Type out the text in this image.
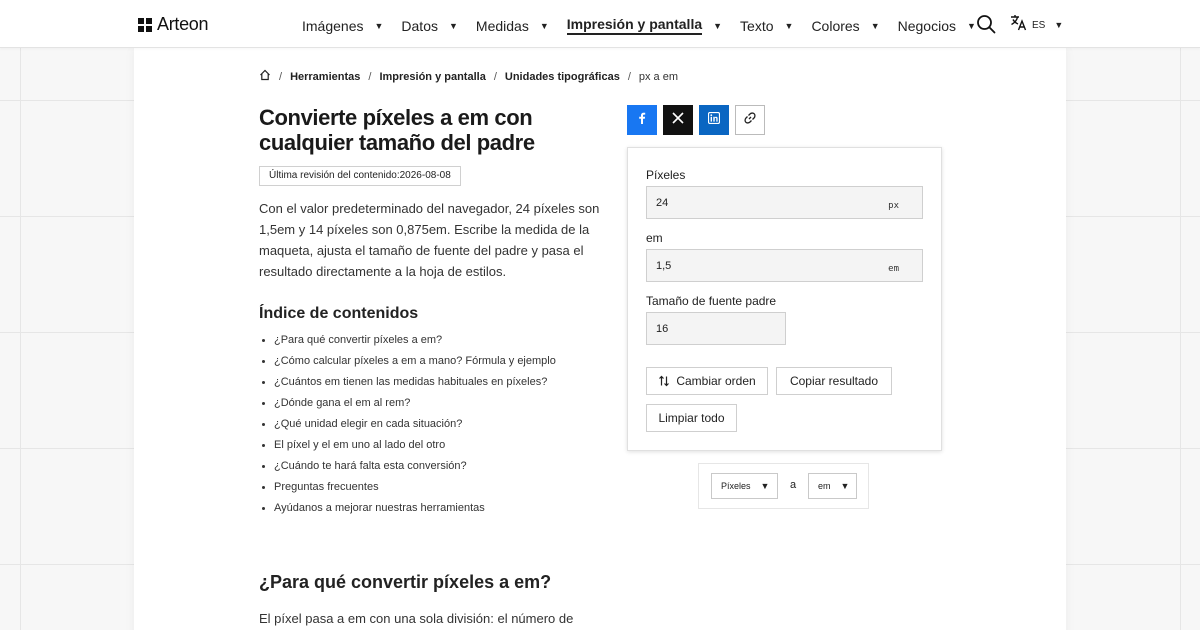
Arteon	Imágenes ▼ Datos ▼ Medidas ▼ Impresión y pantalla ▼ Texto ▼ Colores ▼ Negocios ▼	ES ▼
/ Herramientas / Impresión y pantalla / Unidades tipográficas / px a em
Convierte píxeles a em con cualquier tamaño del padre
Última revisión del contenido:2026-08-08

Con el valor predeterminado del navegador, 24 píxeles son 1,5em y 14 píxeles son 0,875em. Escribe la medida de la maqueta, ajusta el tamaño de fuente del padre y pasa el resultado directamente a la hoja de estilos.

Índice de contenidos
• ¿Para qué convertir píxeles a em?
• ¿Cómo calcular píxeles a em a mano? Fórmula y ejemplo
• ¿Cuántos em tienen las medidas habituales en píxeles?
• ¿Dónde gana el em al rem?
• ¿Qué unidad elegir en cada situación?
• El píxel y el em uno al lado del otro
• ¿Cuándo te hará falta esta conversión?
• Preguntas frecuentes
• Ayúdanos a mejorar nuestras herramientas
¿Para qué convertir píxeles a em?

El píxel pasa a em con una sola división: el número de

Píxeles
24	px
em
1,5	em
Tamaño de fuente padre
16
Cambiar orden	Copiar resultado
Limpiar todo
Píxeles ▼ a em ▼
